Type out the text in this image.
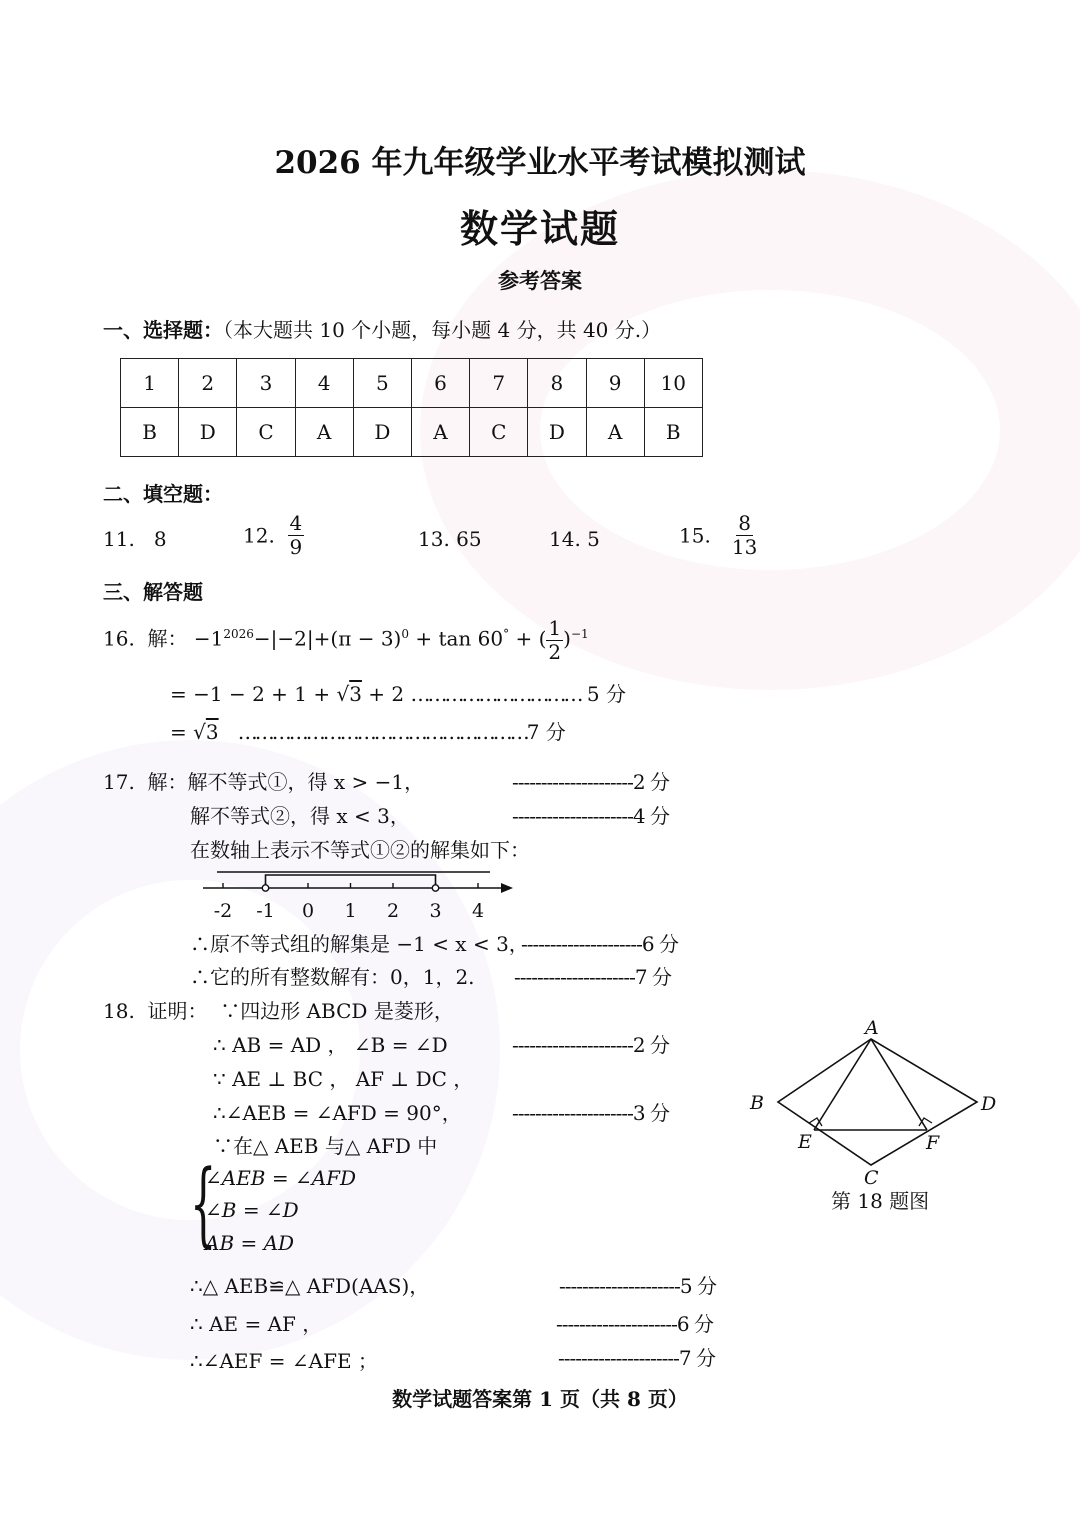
2026 年九年级学业水平考试模拟测试
数学试题
参考答案
一、选择题：（本大题共 10 个小题，每小题 4 分，共 40 分.）
1	2	3	4	5	6	7	8	9	10
B	D	C	A	D	A	C	D	A	B
二、填空题：
11. 8	12. $\frac{4}{9}$	13. 65	14. 5	15. $\frac{8}{13}$
三、解答题
16. 解： $-1^{2026}-|-2|+(\pi - 3)^0 + \tan 60^\circ$ + ( $\frac{1}{2} )^{-1}$
= −1 − 2 + 1 + √3 + 2 ………………………… 5 分
= √3 ……………………………………………7 分
17. 解：解不等式①，得 x > −1，	---------------------2 分
解不等式②，得 x < 3，	---------------------4 分
在数轴上表示不等式①②的解集如下：
-2 -1 0 1 2 3 4
∴原不等式组的解集是 −1 < x < 3，
---------------------6 分
∴它的所有整数解有：0，1，2. ---------------------7 分
18. 证明： ∵四边形 ABCD 是菱形，
∴ AB = AD ， ∠B = ∠D	---------------------2 分
∵ AE ⊥ BC ， AF ⊥ DC ，
∴∠AEB = ∠AFD = 90°，	---------------------3 分
∵在△ AEB 与△ AFD 中
{
∠AEB = ∠AFD
∠B = ∠D
AB = AD
∴△ AEB≌△ AFD(AAS)，	---------------------5 分
∴ AE = AF ，	---------------------6 分
∴∠AEF = ∠AFE ；	---------------------7 分
A
B
C
D
E	F
第 18 题图
数学试题答案第 1 页（共 8 页）
